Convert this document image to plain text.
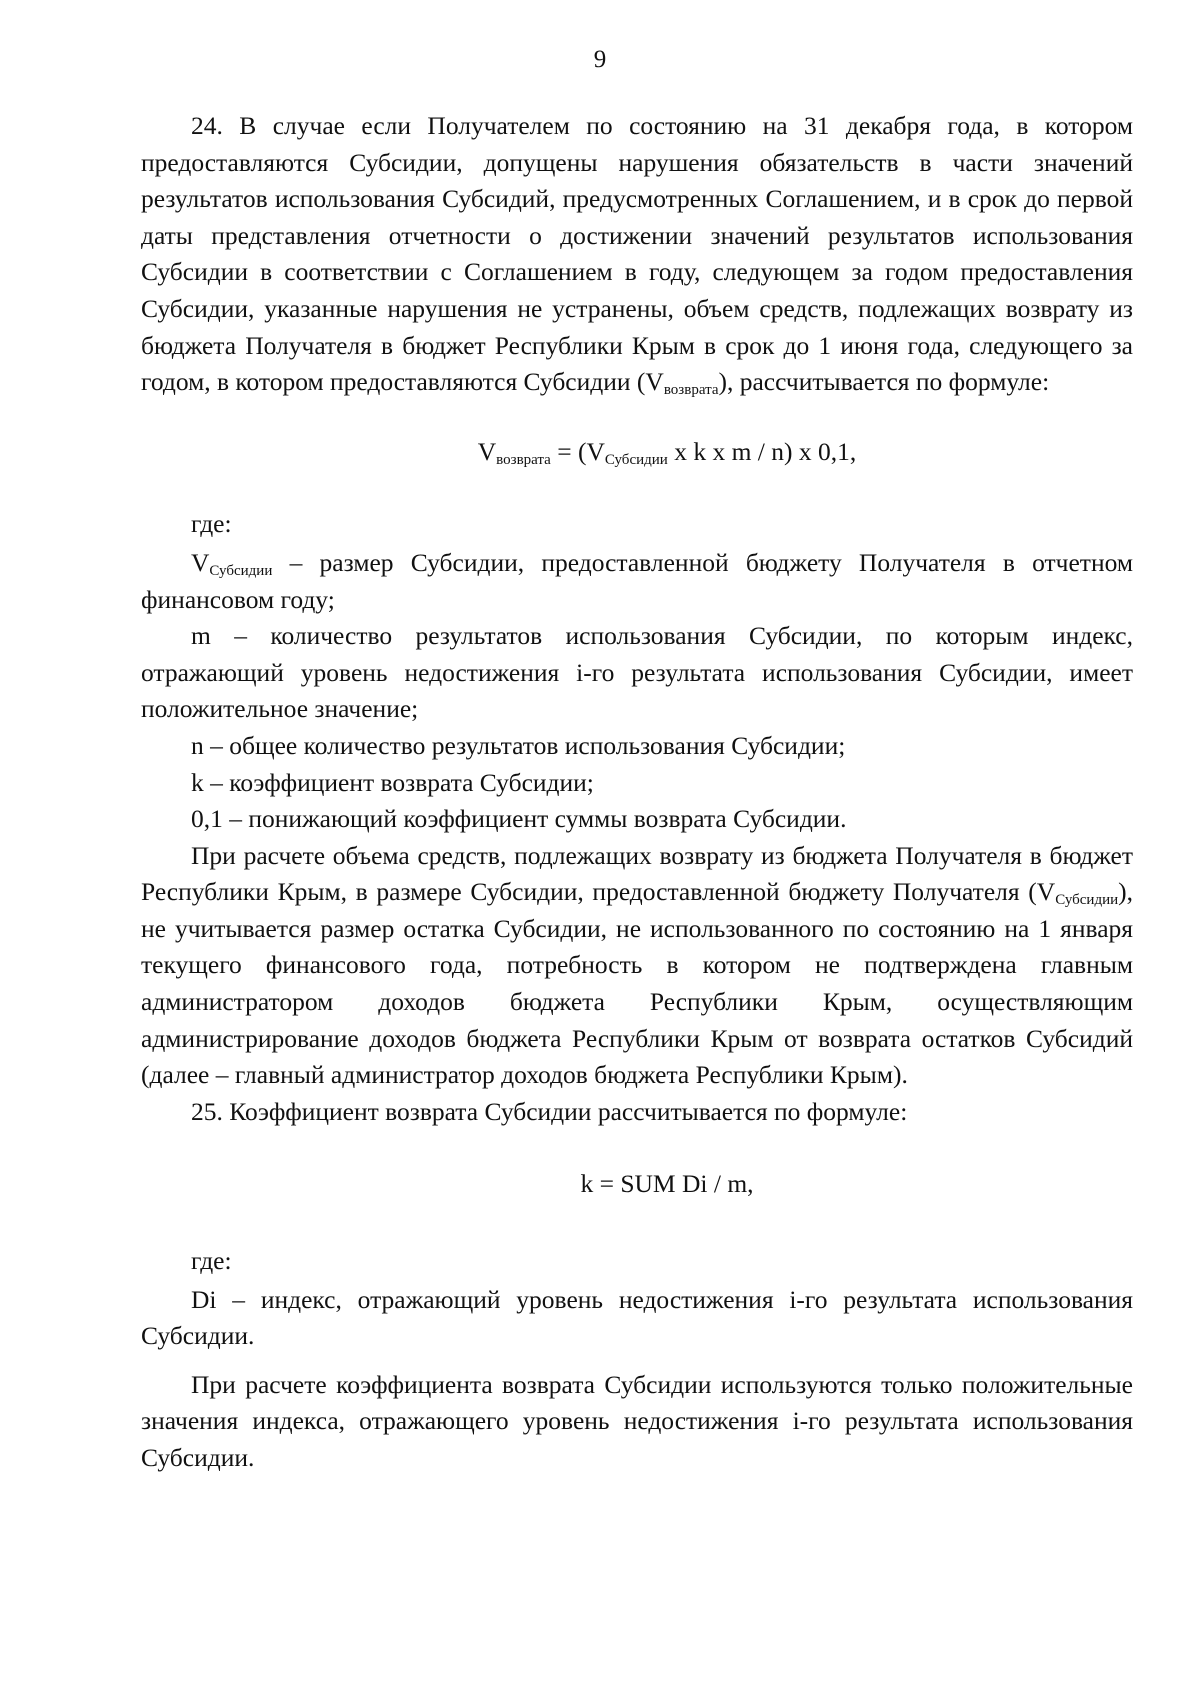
9

24. В случае если Получателем по состоянию на 31 декабря года, в котором предоставляются Субсидии, допущены нарушения обязательств в части значений результатов использования Субсидий, предусмотренных Соглашением, и в срок до первой даты представления отчетности о достижении значений результатов использования Субсидии в соответствии с Соглашением в году, следующем за годом предоставления Субсидии, указанные нарушения не устранены, объем средств, подлежащих возврату из бюджета Получателя в бюджет Республики Крым в срок до 1 июня года, следующего за годом, в котором предоставляются Субсидии $(V_{возврата})$, рассчитывается по формуле:

$V_{возврата} = (V_{Субсидии}$ x k x m / n) x 0,1,

где:

$V_{Субсидии}$ – размер Субсидии, предоставленной бюджету Получателя в отчетном финансовом году;

m – количество результатов использования Субсидии, по которым индекс, отражающий уровень недостижения i-го результата использования Субсидии, имеет положительное значение;

n – общее количество результатов использования Субсидии;

k – коэффициент возврата Субсидии;

0,1 – понижающий коэффициент суммы возврата Субсидии.

При расчете объема средств, подлежащих возврату из бюджета Получателя в бюджет Республики Крым, в размере Субсидии, предоставленной бюджету Получателя $(V_{Субсидии})$, не учитывается размер остатка Субсидии, не использованного по состоянию на 1 января текущего финансового года, потребность в котором не подтверждена главным администратором доходов бюджета Республики Крым, осуществляющим администрирование доходов бюджета Республики Крым от возврата остатков Субсидий (далее – главный администратор доходов бюджета Республики Крым).

25. Коэффициент возврата Субсидии рассчитывается по формуле:

k = SUM Di / m,

где:

Di – индекс, отражающий уровень недостижения i-го результата использования Субсидии.

При расчете коэффициента возврата Субсидии используются только положительные значения индекса, отражающего уровень недостижения i-го результата использования Субсидии.
